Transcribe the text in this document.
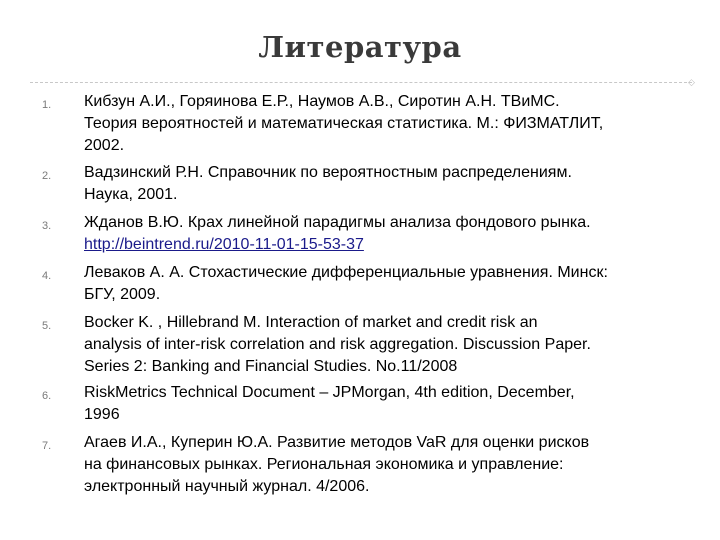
Литература
◇
1.	Кибзун А.И., Горяинова Е.Р., Наумов А.В., Сиротин А.Н. ТВиМС.
Теория вероятностей и математическая статистика. М.: ФИЗМАТЛИТ,
2002.
2.	Вадзинский Р.Н. Справочник по вероятностным распределениям.
Наука, 2001.
3.	Жданов В.Ю. Крах линейной парадигмы анализа фондового рынка.
http://beintrend.ru/2010-11-01-15-53-37
4.	Леваков А. А. Стохастические дифференциальные уравнения. Минск:
БГУ, 2009.
5.	Bocker K. , Hillebrand M. Interaction of market and credit risk an
analysis of inter-risk correlation and risk aggregation. Discussion Paper.
Series 2: Banking and Financial Studies. No.11/2008
6.	RiskMetrics Technical Document – JPMorgan, 4th edition, December,
1996
7.	Агаев И.А., Куперин Ю.А. Развитие методов VaR для оценки рисков
на финансовых рынках. Региональная экономика и управление:
электронный научный журнал. 4/2006.
